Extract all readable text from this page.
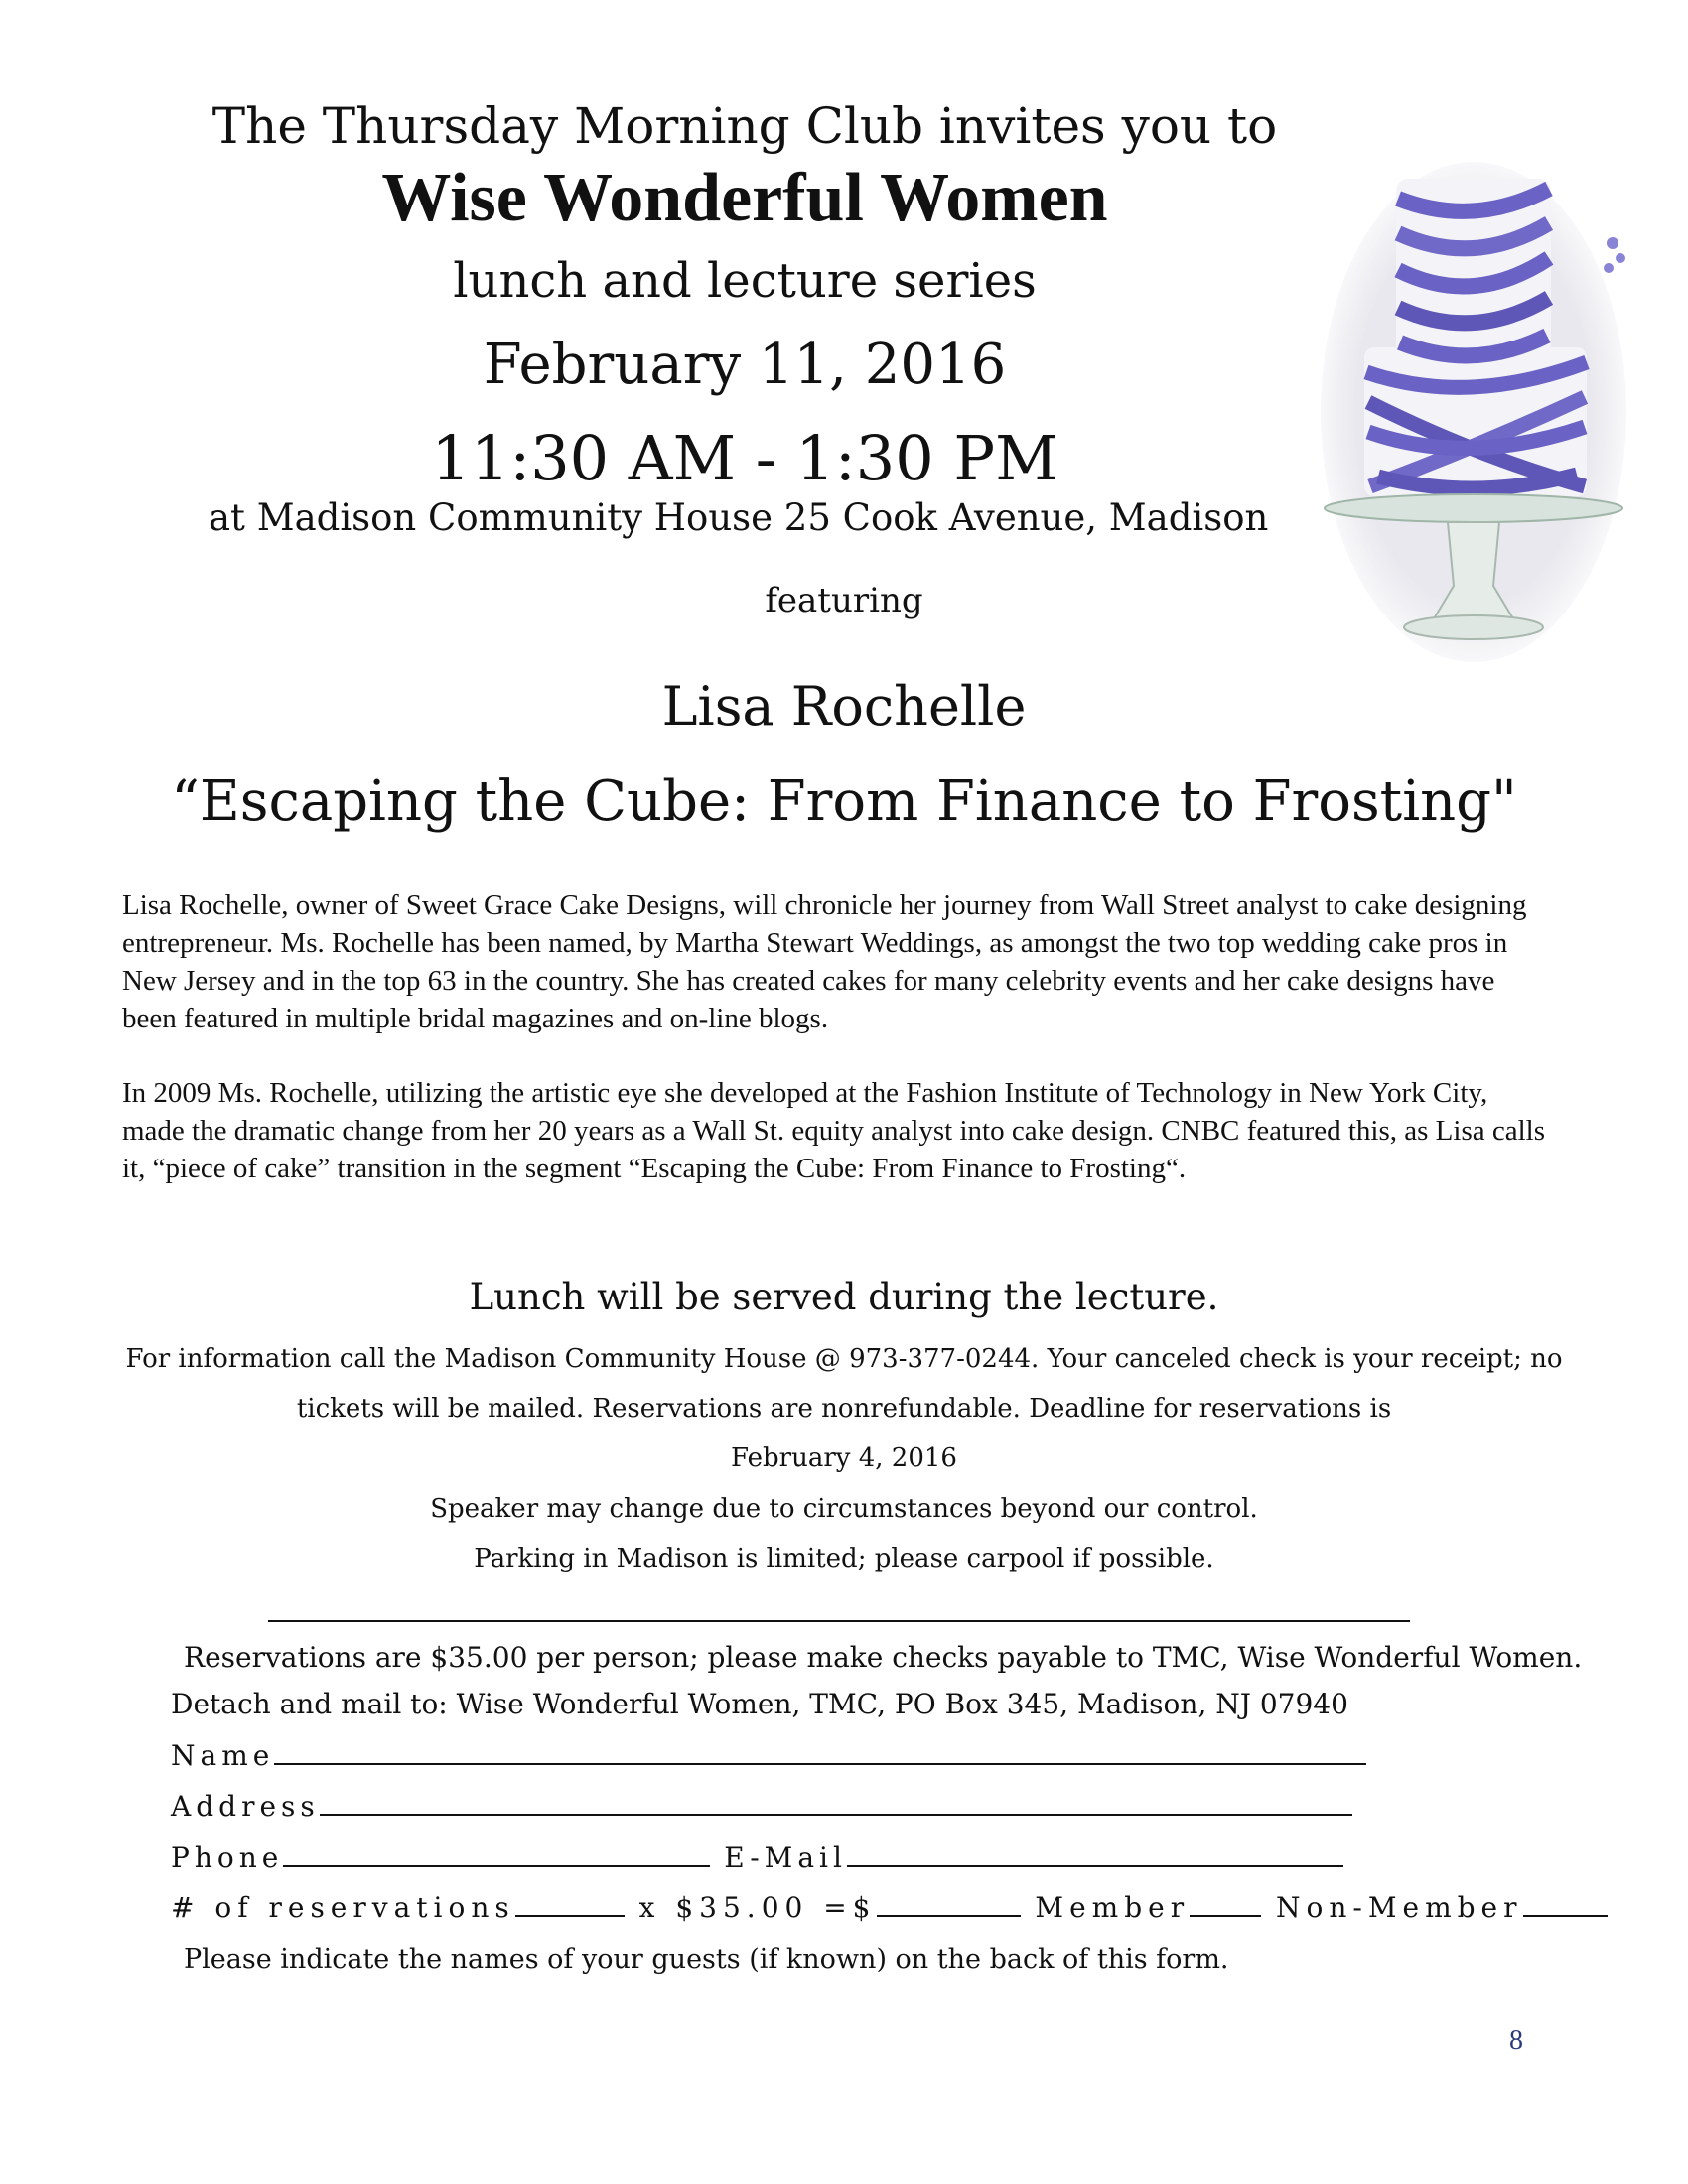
The Thursday Morning Club invites you to
Wise Wonderful Women
lunch and lecture series
February 11, 2016
11:30 AM - 1:30 PM
at Madison Community House 25 Cook Avenue, Madison
featuring
Lisa Rochelle
“Escaping the Cube: From Finance to Frosting"
Lisa Rochelle, owner of Sweet Grace Cake Designs, will chronicle her journey from Wall Street analyst to cake designing entrepreneur. Ms. Rochelle has been named, by Martha Stewart Weddings, as amongst the two top wedding cake pros in New Jersey and in the top 63 in the country. She has created cakes for many celebrity events and her cake designs have been featured in multiple bridal magazines and on-line blogs.
In 2009 Ms. Rochelle, utilizing the artistic eye she developed at the Fashion Institute of Technology in New York City, made the dramatic change from her 20 years as a Wall St. equity analyst into cake design. CNBC featured this, as Lisa calls it, “piece of cake” transition in the segment “Escaping the Cube: From Finance to Frosting“.
Lunch will be served during the lecture.
For information call the Madison Community House @ 973-377-0244. Your canceled check is your receipt; no
tickets will be mailed. Reservations are nonrefundable. Deadline for reservations is
February 4, 2016
Speaker may change due to circumstances beyond our control.
Parking in Madison is limited; please carpool if possible.
Reservations are $35.00 per person; please make checks payable to TMC, Wise Wonderful Women.
Detach and mail to: Wise Wonderful Women, TMC, PO Box 345, Madison, NJ 07940
Name
Address
Phone	E-Mail
# of reservations	x $35.00 =$	Member	Non-Member
Please indicate the names of your guests (if known) on the back of this form.
8
